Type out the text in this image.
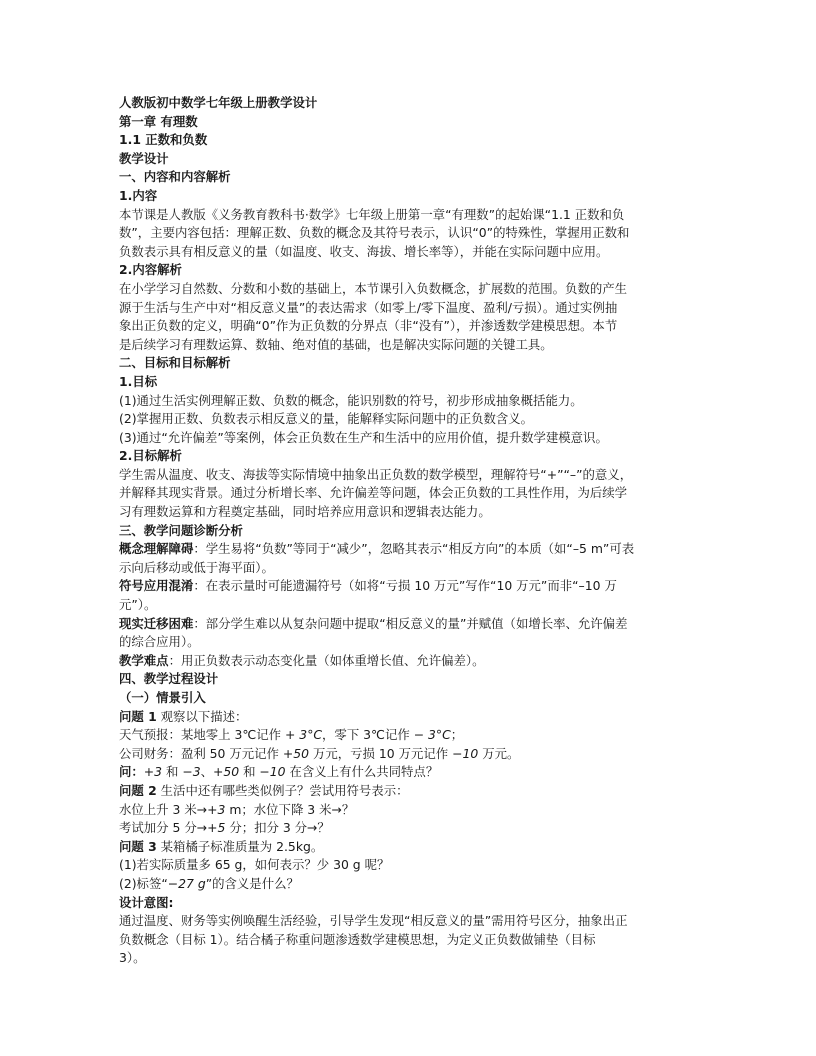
人教版初中数学七年级上册教学设计

第一章 有理数

1.1 正数和负数

教学设计

一、内容和内容解析

1.内容

本节课是人教版《义务教育教科书·数学》七年级上册第一章“有理数”的起始课“1.1 正数和负

数”，主要内容包括：理解正数、负数的概念及其符号表示，认识“0”的特殊性，掌握用正数和

负数表示具有相反意义的量（如温度、收支、海拔、增长率等），并能在实际问题中应用。

2.内容解析

在小学学习自然数、分数和小数的基础上，本节课引入负数概念，扩展数的范围。负数的产生

源于生活与生产中对“相反意义量”的表达需求（如零上/零下温度、盈利/亏损）。通过实例抽

象出正负数的定义，明确“0”作为正负数的分界点（非“没有”），并渗透数学建模思想。本节

是后续学习有理数运算、数轴、绝对值的基础，也是解决实际问题的关键工具。

二、目标和目标解析

1.目标

(1)通过生活实例理解正数、负数的概念，能识别数的符号，初步形成抽象概括能力。

(2)掌握用正数、负数表示相反意义的量，能解释实际问题中的正负数含义。

(3)通过“允许偏差”等案例，体会正负数在生产和生活中的应用价值，提升数学建模意识。

2.目标解析

学生需从温度、收支、海拔等实际情境中抽象出正负数的数学模型，理解符号“+”“–”的意义，

并解释其现实背景。通过分析增长率、允许偏差等问题，体会正负数的工具性作用，为后续学

习有理数运算和方程奠定基础，同时培养应用意识和逻辑表达能力。

三、教学问题诊断分析

概念理解障碍：学生易将“负数”等同于“减少”，忽略其表示“相反方向”的本质（如“–5 m”可表

示向后移动或低于海平面）。

符号应用混淆：在表示量时可能遗漏符号（如将“亏损 10 万元”写作“10 万元”而非“–10 万

元”）。

现实迁移困难：部分学生难以从复杂问题中提取“相反意义的量”并赋值（如增长率、允许偏差

的综合应用）。

教学难点：用正负数表示动态变化量（如体重增长值、允许偏差）。

四、教学过程设计

（一）情景引入

问题 1 观察以下描述：

天气预报：某地零上 3℃记作 + 3°C，零下 3℃记作 − 3°C；

公司财务：盈利 50 万元记作 +50 万元，亏损 10 万元记作 −10 万元。

问：+3 和 −3、+50 和 −10 在含义上有什么共同特点？

问题 2 生活中还有哪些类似例子？尝试用符号表示：

水位上升 3 米→+3 m；水位下降 3 米→？

考试加分 5 分→+5 分；扣分 3 分→？

问题 3 某箱橘子标准质量为 2.5kg。

(1)若实际质量多 65 g，如何表示？少 30 g 呢？

(2)标签“−27 g”的含义是什么？

设计意图:

通过温度、财务等实例唤醒生活经验，引导学生发现“相反意义的量”需用符号区分，抽象出正

负数概念（目标 1）。结合橘子称重问题渗透数学建模思想，为定义正负数做铺垫（目标

3）。
